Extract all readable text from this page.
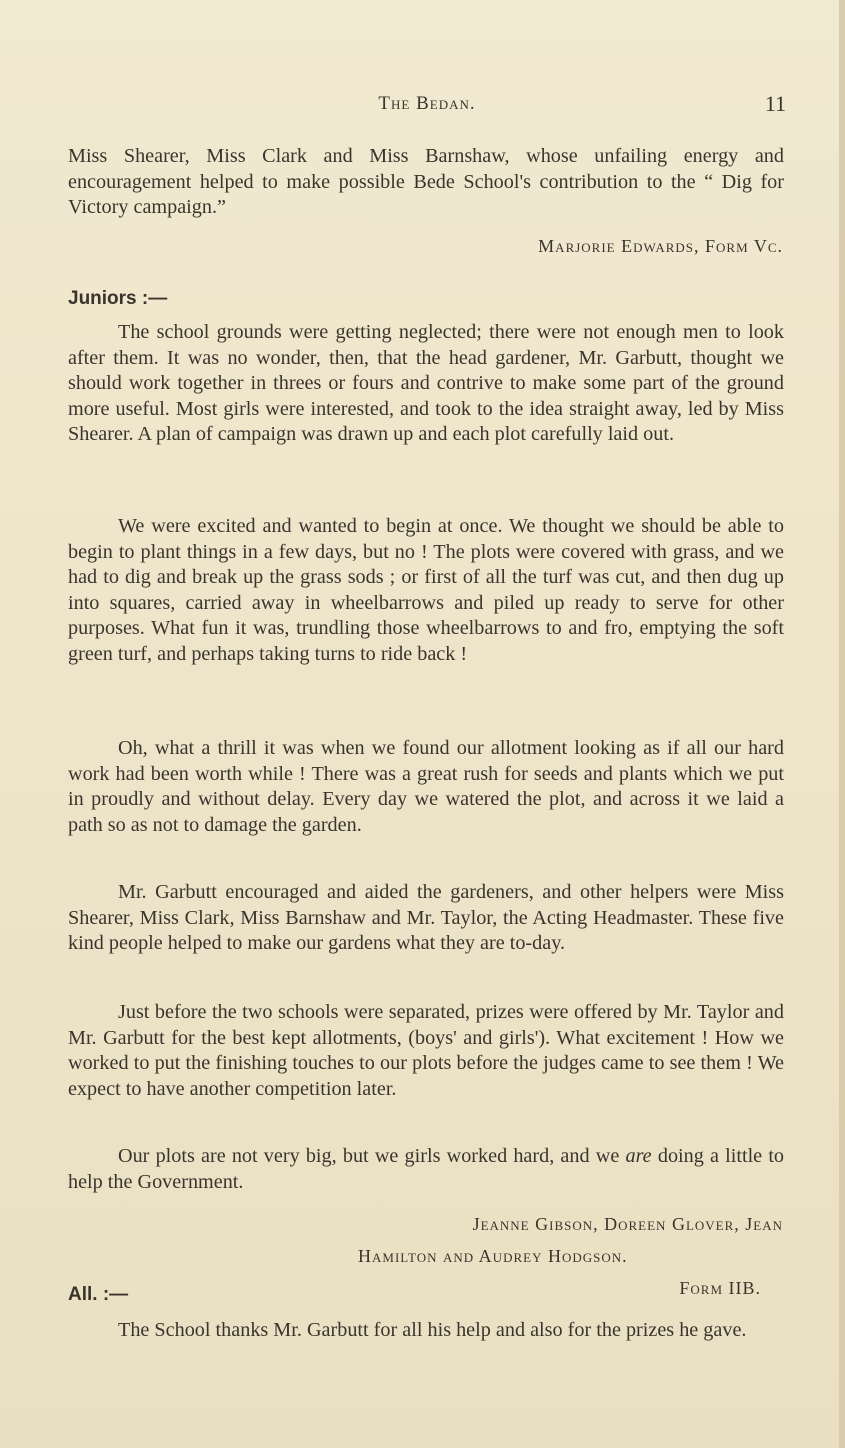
The Bedan.	11

Miss Shearer, Miss Clark and Miss Barnshaw, whose unfailing energy and encouragement helped to make possible Bede School's contribution to the “ Dig for Victory campaign.”

Marjorie Edwards, Form Vc.

Juniors :—

The school grounds were getting neglected; there were not enough men to look after them. It was no wonder, then, that the head gardener, Mr. Garbutt, thought we should work together in threes or fours and contrive to make some part of the ground more useful. Most girls were interested, and took to the idea straight away, led by Miss Shearer. A plan of campaign was drawn up and each plot carefully laid out.

We were excited and wanted to begin at once. We thought we should be able to begin to plant things in a few days, but no ! The plots were covered with grass, and we had to dig and break up the grass sods ; or first of all the turf was cut, and then dug up into squares, carried away in wheelbarrows and piled up ready to serve for other purposes. What fun it was, trundling those wheelbarrows to and fro, emptying the soft green turf, and perhaps taking turns to ride back !

Oh, what a thrill it was when we found our allotment looking as if all our hard work had been worth while ! There was a great rush for seeds and plants which we put in proudly and without delay. Every day we watered the plot, and across it we laid a path so as not to damage the garden.

Mr. Garbutt encouraged and aided the gardeners, and other helpers were Miss Shearer, Miss Clark, Miss Barnshaw and Mr. Taylor, the Acting Headmaster. These five kind people helped to make our gardens what they are to-day.

Just before the two schools were separated, prizes were offered by Mr. Taylor and Mr. Garbutt for the best kept allotments, (boys' and girls'). What excitement ! How we worked to put the finishing touches to our plots before the judges came to see them ! We expect to have another competition later.

Our plots are not very big, but we girls worked hard, and we are doing a little to help the Government.

Jeanne Gibson, Doreen Glover, Jean

Hamilton and Audrey Hodgson.

All. :—	Form IIB.

The School thanks Mr. Garbutt for all his help and also for the prizes he gave.
